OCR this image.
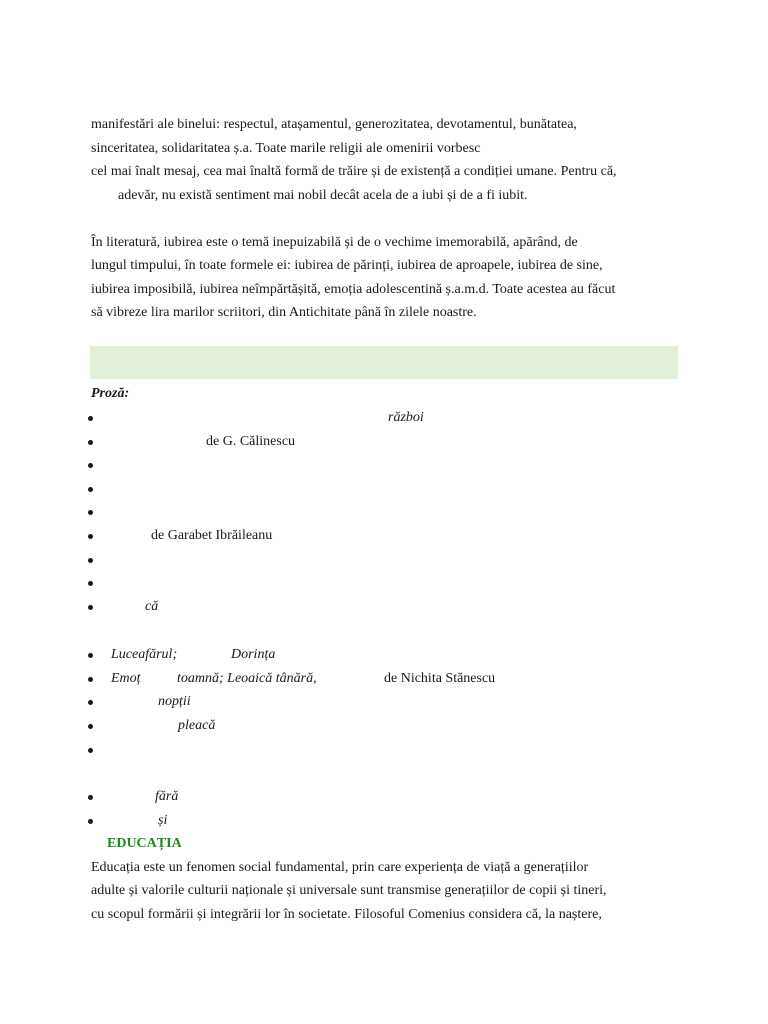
manifestări ale binelui: respectul, atașamentul, generozitatea, devotamentul, bunătatea,
sinceritatea, solidaritatea ș.a. Toate marile religii ale omenirii vorbesc
cel mai înalt mesaj, cea mai înaltă formă de trăire și de existență a condiției umane. Pentru că,
adevăr, nu există sentiment mai nobil decât acela de a iubi și de a fi iubit.
În literatură, iubirea este o temă inepuizabilă și de o vechime imemorabilă, apărând, de
lungul timpului, în toate formele ei: iubirea de părinți, iubirea de aproapele, iubirea de sine,
iubirea imposibilă, iubirea neîmpărtășită, emoția adolescentină ș.a.m.d. Toate acestea au făcut
să vibreze lira marilor scriitori, din Antichitate până în zilele noastre.
Proză:
război
de G. Călinescu
de Garabet Ibrăileanu
că
Luceafărul;	Dorința
Emoț	toamnă; Leoaică tânără,	de Nichita Stănescu
nopții
pleacă
fără
și
EDUCAȚIA
Educația este un fenomen social fundamental, prin care experiența de viață a generațiilor
adulte și valorile culturii naționale și universale sunt transmise generațiilor de copii și tineri,
cu scopul formării și integrării lor în societate. Filosoful Comenius considera că, la naștere,
